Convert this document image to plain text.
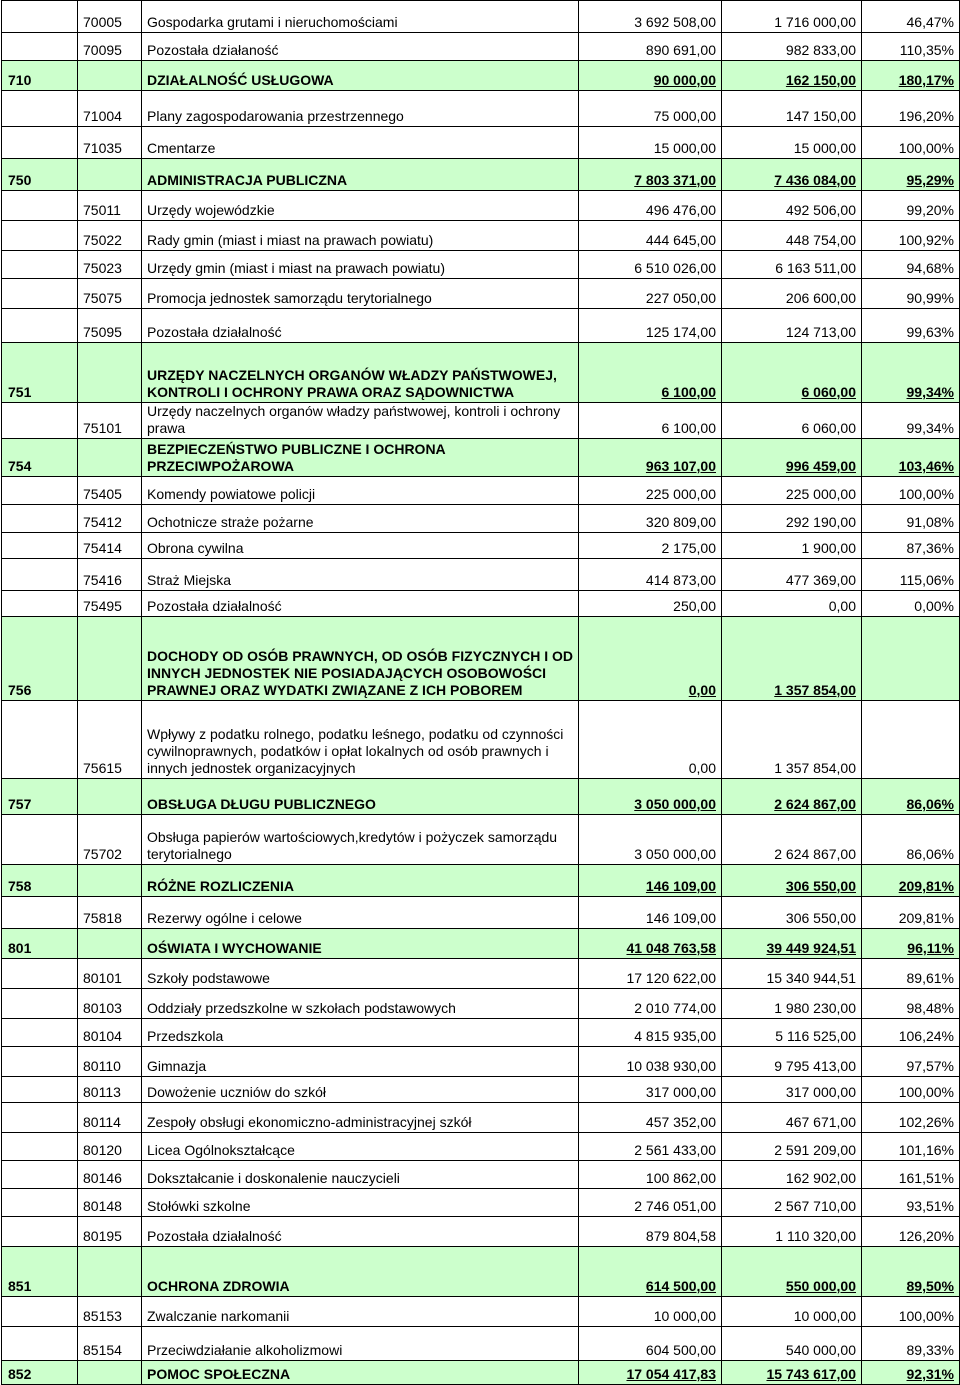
	70005	Gospodarka grutami i nieruchomościami	3 692 508,00	1 716 000,00	46,47%
	70095	Pozostała działaność	890 691,00	982 833,00	110,35%
710		DZIAŁALNOŚĆ USŁUGOWA	90 000,00	162 150,00	180,17%
	71004	Plany zagospodarowania przestrzennego	75 000,00	147 150,00	196,20%
	71035	Cmentarze	15 000,00	15 000,00	100,00%
750		ADMINISTRACJA PUBLICZNA	7 803 371,00	7 436 084,00	95,29%
	75011	Urzędy wojewódzkie	496 476,00	492 506,00	99,20%
	75022	Rady gmin (miast i miast na prawach powiatu)	444 645,00	448 754,00	100,92%
	75023	Urzędy gmin (miast i miast na prawach powiatu)	6 510 026,00	6 163 511,00	94,68%
	75075	Promocja jednostek samorządu terytorialnego	227 050,00	206 600,00	90,99%
	75095	Pozostała działalność	125 174,00	124 713,00	99,63%
751		URZĘDY NACZELNYCH ORGANÓW WŁADZY PAŃSTWOWEJ, KONTROLI I OCHRONY PRAWA ORAZ SĄDOWNICTWA	6 100,00	6 060,00	99,34%
	75101	Urzędy naczelnych organów władzy państwowej, kontroli i ochrony prawa	6 100,00	6 060,00	99,34%
754		BEZPIECZEŃSTWO PUBLICZNE I OCHRONA PRZECIWPOŻAROWA	963 107,00	996 459,00	103,46%
	75405	Komendy powiatowe policji	225 000,00	225 000,00	100,00%
	75412	Ochotnicze straże pożarne	320 809,00	292 190,00	91,08%
	75414	Obrona cywilna	2 175,00	1 900,00	87,36%
	75416	Straż Miejska	414 873,00	477 369,00	115,06%
	75495	Pozostała działalność	250,00	0,00	0,00%
756		DOCHODY OD OSÓB PRAWNYCH, OD OSÓB FIZYCZNYCH I OD INNYCH JEDNOSTEK NIE POSIADAJĄCYCH OSOBOWOŚCI PRAWNEJ ORAZ WYDATKI ZWIĄZANE Z ICH POBOREM	0,00	1 357 854,00	
	75615	Wpływy z podatku rolnego, podatku leśnego, podatku od czynności cywilnoprawnych, podatków i opłat lokalnych od osób prawnych i innych jednostek organizacyjnych	0,00	1 357 854,00	
757		OBSŁUGA DŁUGU PUBLICZNEGO	3 050 000,00	2 624 867,00	86,06%
	75702	Obsługa papierów wartościowych,kredytów i pożyczek samorządu terytorialnego	3 050 000,00	2 624 867,00	86,06%
758		RÓŻNE ROZLICZENIA	146 109,00	306 550,00	209,81%
	75818	Rezerwy ogólne i celowe	146 109,00	306 550,00	209,81%
801		OŚWIATA I WYCHOWANIE	41 048 763,58	39 449 924,51	96,11%
	80101	Szkoły podstawowe	17 120 622,00	15 340 944,51	89,61%
	80103	Oddziały przedszkolne w szkołach podstawowych	2 010 774,00	1 980 230,00	98,48%
	80104	Przedszkola	4 815 935,00	5 116 525,00	106,24%
	80110	Gimnazja	10 038 930,00	9 795 413,00	97,57%
	80113	Dowożenie uczniów do szkół	317 000,00	317 000,00	100,00%
	80114	Zespoły obsługi ekonomiczno-administracyjnej szkół	457 352,00	467 671,00	102,26%
	80120	Licea Ogólnokształcące	2 561 433,00	2 591 209,00	101,16%
	80146	Dokształcanie i doskonalenie nauczycieli	100 862,00	162 902,00	161,51%
	80148	Stołówki szkolne	2 746 051,00	2 567 710,00	93,51%
	80195	Pozostała działalność	879 804,58	1 110 320,00	126,20%
851		OCHRONA ZDROWIA	614 500,00	550 000,00	89,50%
	85153	Zwalczanie narkomanii	10 000,00	10 000,00	100,00%
	85154	Przeciwdziałanie alkoholizmowi	604 500,00	540 000,00	89,33%
852		POMOC SPOŁECZNA	17 054 417,83	15 743 617,00	92,31%
